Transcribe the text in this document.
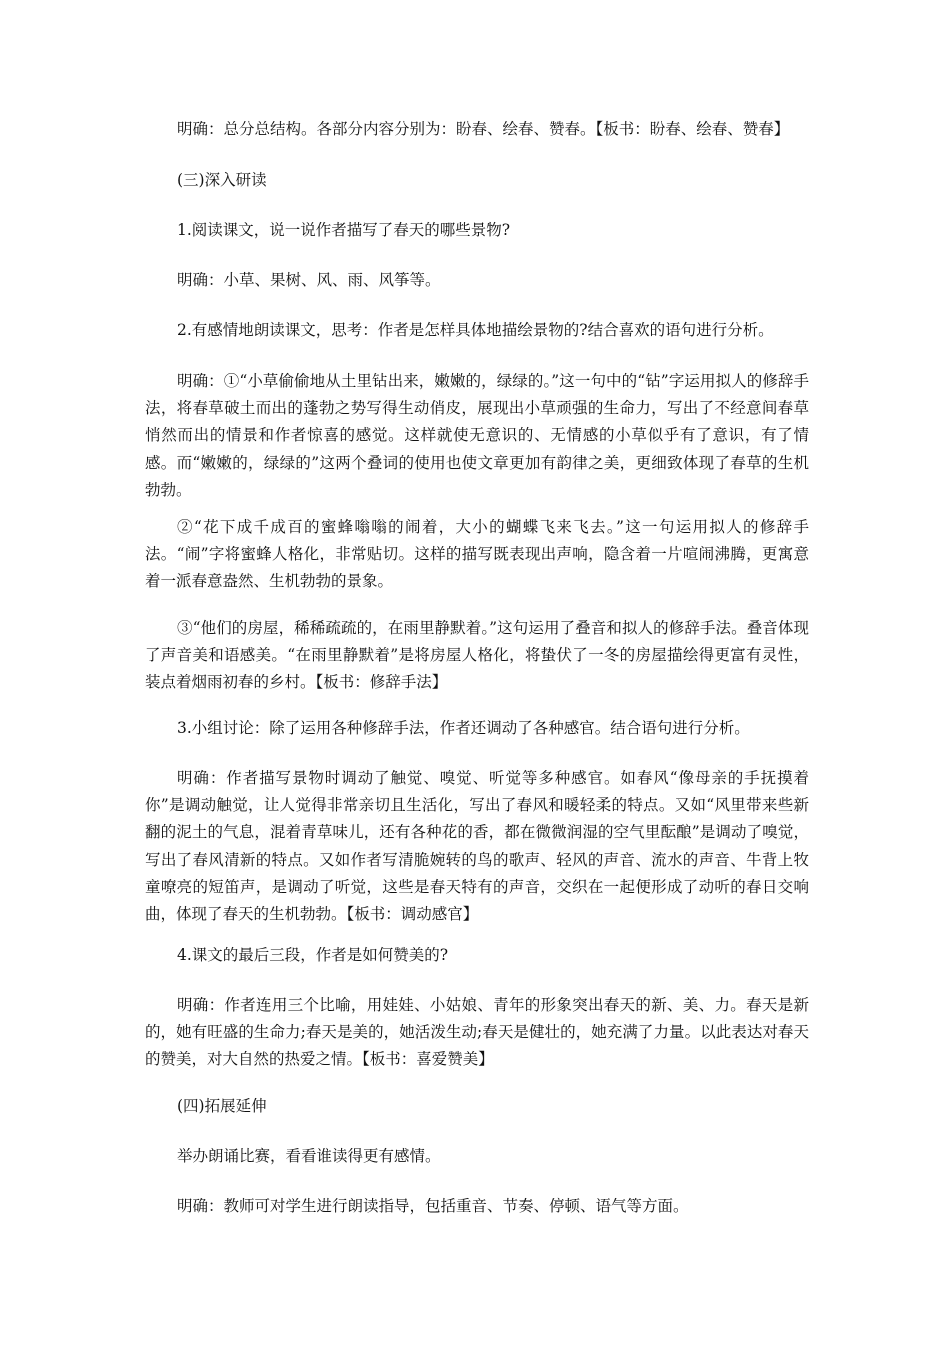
明确：总分总结构。各部分内容分别为：盼春、绘春、赞春。【板书：盼春、绘春、赞春】

(三)深入研读

1.阅读课文，说一说作者描写了春天的哪些景物?

明确：小草、果树、风、雨、风筝等。

2.有感情地朗读课文，思考：作者是怎样具体地描绘景物的?结合喜欢的语句进行分析。

明确：①“小草偷偷地从土里钻出来，嫩嫩的，绿绿的。”这一句中的“钻”字运用拟人的修辞手法，将春草破土而出的蓬勃之势写得生动俏皮，展现出小草顽强的生命力，写出了不经意间春草悄然而出的情景和作者惊喜的感觉。这样就使无意识的、无情感的小草似乎有了意识，有了情感。而“嫩嫩的，绿绿的”这两个叠词的使用也使文章更加有韵律之美，更细致体现了春草的生机勃勃。

②“花下成千成百的蜜蜂嗡嗡的闹着，大小的蝴蝶飞来飞去。”这一句运用拟人的修辞手法。“闹”字将蜜蜂人格化，非常贴切。这样的描写既表现出声响，隐含着一片喧闹沸腾，更寓意着一派春意盎然、生机勃勃的景象。

③“他们的房屋，稀稀疏疏的，在雨里静默着。”这句运用了叠音和拟人的修辞手法。叠音体现了声音美和语感美。“在雨里静默着”是将房屋人格化，将蛰伏了一冬的房屋描绘得更富有灵性，装点着烟雨初春的乡村。【板书：修辞手法】

3.小组讨论：除了运用各种修辞手法，作者还调动了各种感官。结合语句进行分析。

明确：作者描写景物时调动了触觉、嗅觉、听觉等多种感官。如春风“像母亲的手抚摸着你”是调动触觉，让人觉得非常亲切且生活化，写出了春风和暖轻柔的特点。又如“风里带来些新翻的泥土的气息，混着青草味儿，还有各种花的香，都在微微润湿的空气里酝酿”是调动了嗅觉，写出了春风清新的特点。又如作者写清脆婉转的鸟的歌声、轻风的声音、流水的声音、牛背上牧童嘹亮的短笛声，是调动了听觉，这些是春天特有的声音，交织在一起便形成了动听的春日交响曲，体现了春天的生机勃勃。【板书：调动感官】

4.课文的最后三段，作者是如何赞美的?

明确：作者连用三个比喻，用娃娃、小姑娘、青年的形象突出春天的新、美、力。春天是新的，她有旺盛的生命力;春天是美的，她活泼生动;春天是健壮的，她充满了力量。以此表达对春天的赞美，对大自然的热爱之情。【板书：喜爱赞美】

(四)拓展延伸

举办朗诵比赛，看看谁读得更有感情。

明确：教师可对学生进行朗读指导，包括重音、节奏、停顿、语气等方面。
